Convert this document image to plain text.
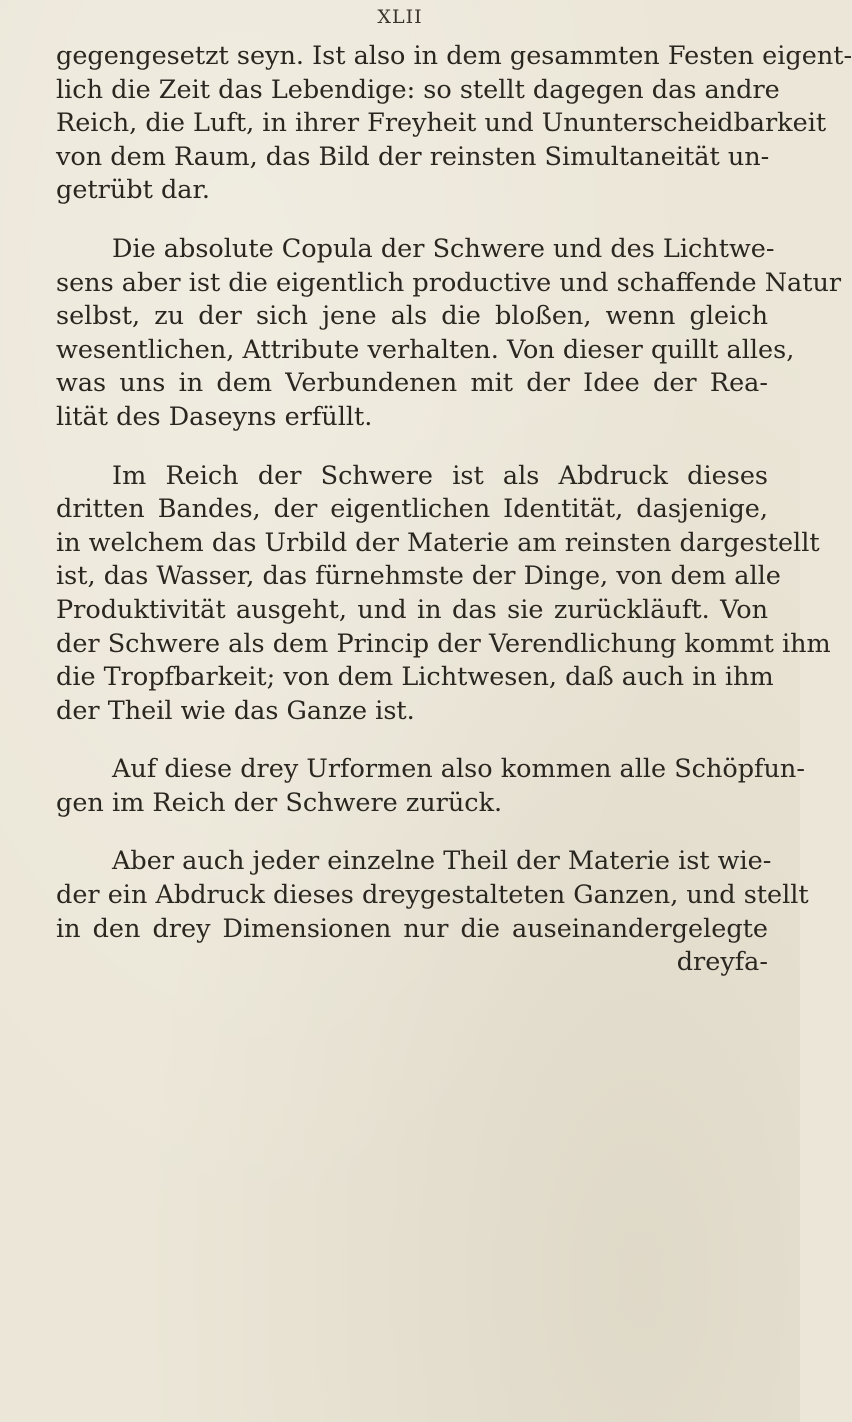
XLII
gegengesetzt seyn. Ist also in dem gesammten Festen eigent-
lich die Zeit das Lebendige: so stellt dagegen das andre
Reich, die Luft, in ihrer Freyheit und Ununterscheidbarkeit
von dem Raum, das Bild der reinsten Simultaneität un-
getrübt dar.
Die absolute Copula der Schwere und des Lichtwe-
sens aber ist die eigentlich productive und schaffende Natur
selbst, zu der sich jene als die bloßen, wenn gleich
wesentlichen, Attribute verhalten. Von dieser quillt alles,
was uns in dem Verbundenen mit der Idee der Rea-
lität des Daseyns erfüllt.
Im Reich der Schwere ist als Abdruck dieses
dritten Bandes, der eigentlichen Identität, dasjenige,
in welchem das Urbild der Materie am reinsten dargestellt
ist, das Wasser, das fürnehmste der Dinge, von dem alle
Produktivität ausgeht, und in das sie zurückläuft. Von
der Schwere als dem Princip der Verendlichung kommt ihm
die Tropfbarkeit; von dem Lichtwesen, daß auch in ihm
der Theil wie das Ganze ist.
Auf diese drey Urformen also kommen alle Schöpfun-
gen im Reich der Schwere zurück.
Aber auch jeder einzelne Theil der Materie ist wie-
der ein Abdruck dieses dreygestalteten Ganzen, und stellt
in den drey Dimensionen nur die auseinandergelegte
dreyfa-
